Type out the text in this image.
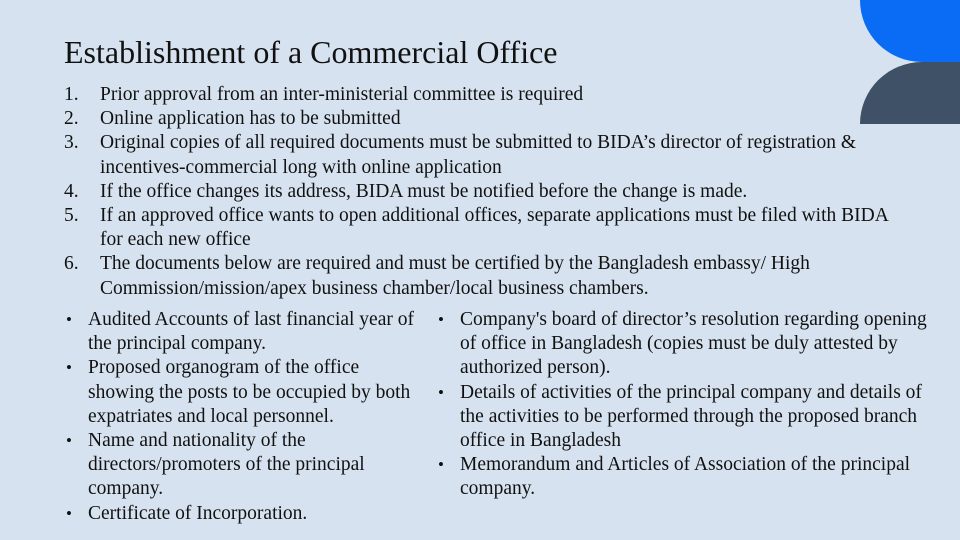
Establishment of a Commercial Office
1. Prior approval from an inter-ministerial committee is required
2. Online application has to be submitted
3. Original copies of all required documents must be submitted to BIDA’s director of registration & incentives-commercial long with online application
4. If the office changes its address, BIDA must be notified before the change is made.
5. If an approved office wants to open additional offices, separate applications must be filed with BIDA for each new office
6. The documents below are required and must be certified by the Bangladesh embassy/ High Commission/mission/apex business chamber/local business chambers.
• Audited Accounts of last financial year of the principal company.
• Proposed organogram of the office showing the posts to be occupied by both expatriates and local personnel.
• Name and nationality of the directors/promoters of the principal company.
• Certificate of Incorporation.
• Company's board of director’s resolution regarding opening of office in Bangladesh (copies must be duly attested by authorized person).
• Details of activities of the principal company and details of the activities to be performed through the proposed branch office in Bangladesh
• Memorandum and Articles of Association of the principal company.
